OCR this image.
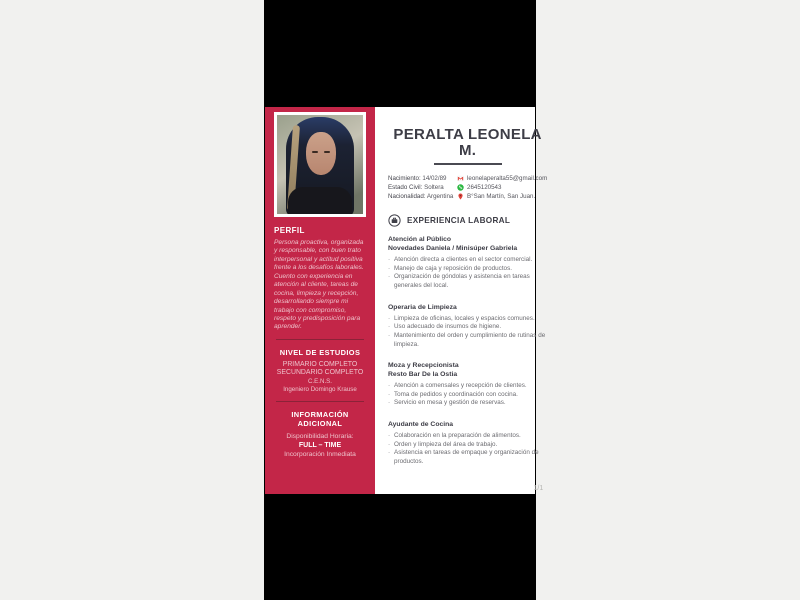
PERFIL

Persona proactiva, organizada y responsable, con buen trato interpersonal y actitud positiva frente a los desafíos laborales. Cuento con experiencia en atención al cliente, tareas de cocina, limpieza y recepción, desarrollando siempre mi trabajo con compromiso, respeto y predisposición para aprender.

NIVEL DE ESTUDIOS
PRIMARIO COMPLETO
SECUNDARIO COMPLETO
C.E.N.S.
Ingeniero Domingo Krause
INFORMACIÓN ADICIONAL
Disponibilidad Horaria:
FULL – TIME
Incorporación Inmediata
PERALTA LEONELA M.
Nacimiento: 14/02/89
Estado Civil: Soltera
Nacionalidad: Argentina
leonelaperalta55@gmail.com
2645120543
B°San Martín, San Juan.
EXPERIENCIA LABORAL
Atención al Público
Novedades Daniela / Minisúper Gabriela
· Atención directa a clientes en el sector comercial.
· Manejo de caja y reposición de productos.
· Organización de góndolas y asistencia en tareas generales del local.
Operaria de Limpieza
· Limpieza de oficinas, locales y espacios comunes.
· Uso adecuado de insumos de higiene.
· Mantenimiento del orden y cumplimiento de rutinas de limpieza.
Moza y Recepcionista
Resto Bar De la Ostia
· Atención a comensales y recepción de clientes.
· Toma de pedidos y coordinación con cocina.
· Servicio en mesa y gestión de reservas.
Ayudante de Cocina
· Colaboración en la preparación de alimentos.
· Orden y limpieza del área de trabajo.
· Asistencia en tareas de empaque y organización de productos.
1/1
